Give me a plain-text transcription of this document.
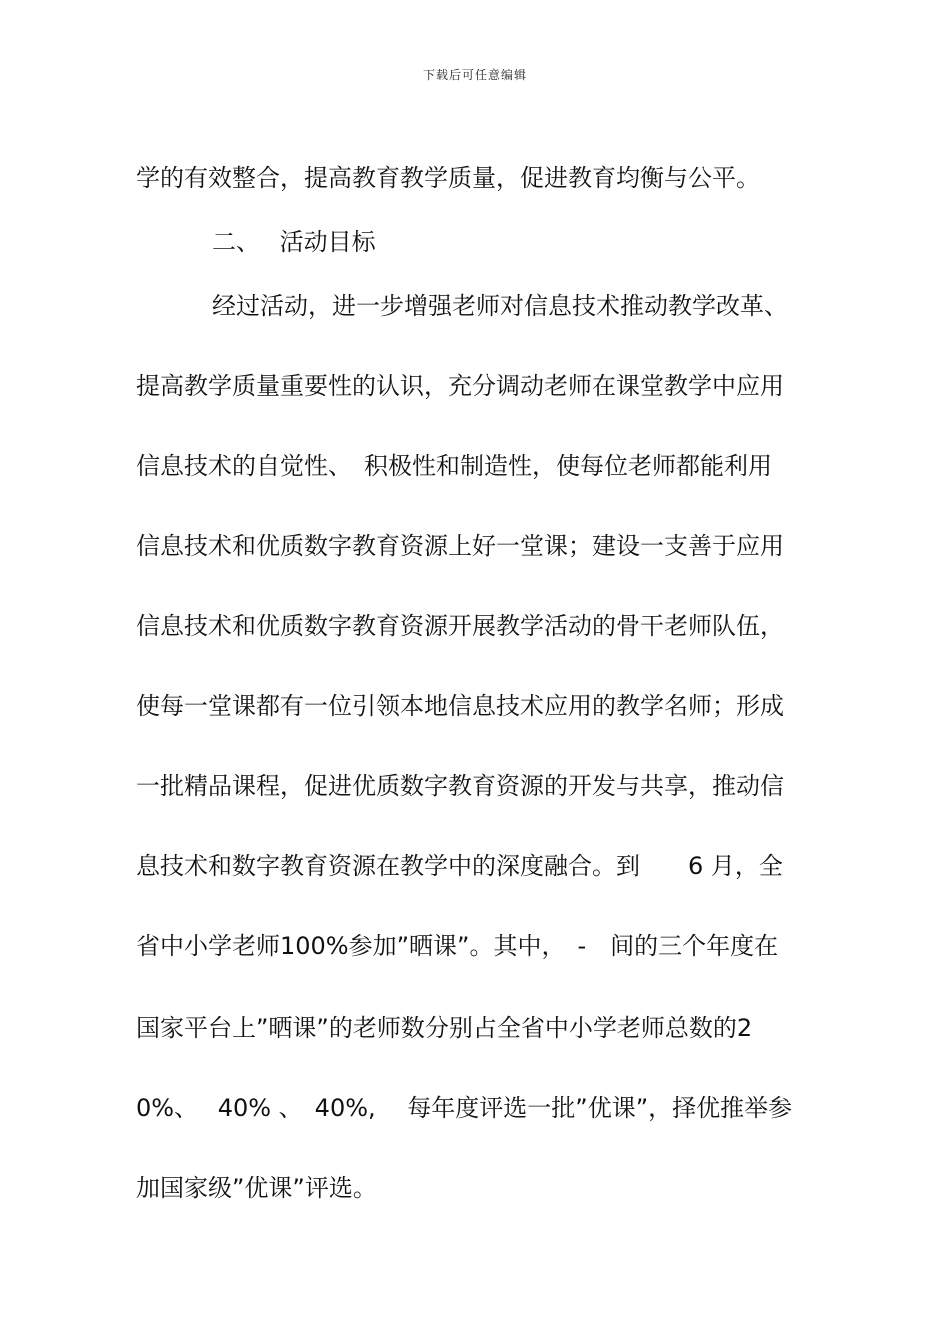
下载后可任意编辑
学的有效整合，提高教育教学质量，促进教育均衡与公平。
二、　 活动目标
经过活动，进一步增强老师对信息技术推动教学改革、
提高教学质量重要性的认识，充分调动老师在课堂教学中应用
信息技术的自觉性、　积极性和制造性，使每位老师都能利用
信息技术和优质数字教育资源上好一堂课；建设一支善于应用
信息技术和优质数字教育资源开展教学活动的骨干老师队伍，
使每一堂课都有一位引领本地信息技术应用的教学名师；形成
一批精品课程，促进优质数字教育资源的开发与共享，推动信
息技术和数字教育资源在教学中的深度融合。到　　6 月，全
省中小学老师100%参加”晒课”。其中，　-　间的三个年度在
国家平台上”晒课”的老师数分别占全省中小学老师总数的2
0%、　 40% 、　40%,　 每年度评选一批”优课”，择优推举参
加国家级”优课”评选。
